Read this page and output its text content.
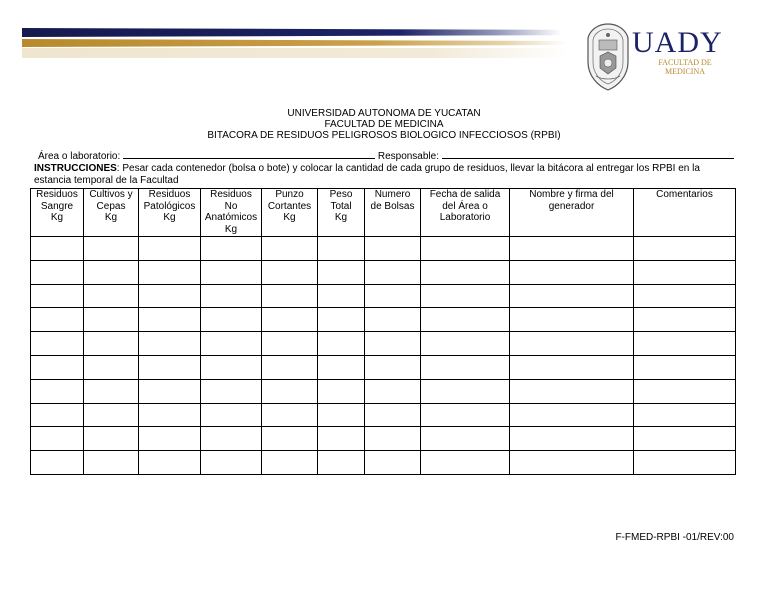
UADY
FACULTAD DE
MEDICINA
UNIVERSIDAD AUTONOMA DE YUCATAN
FACULTAD DE MEDICINA
BITACORA DE RESIDUOS PELIGROSOS BIOLOGICO INFECCIOSOS (RPBI)
Área o laboratorio:	Responsable:
INSTRUCCIONES: Pesar cada contenedor (bolsa o bote) y colocar la cantidad de cada grupo de residuos, llevar la bitácora al entregar los RPBI en la estancia temporal de la Facultad
Residuos
Sangre
Kg	Cultivos y
Cepas
Kg	Residuos
Patológicos
Kg	Residuos
No
Anatómicos
Kg	Punzo
Cortantes
Kg	Peso
Total
Kg	Numero
de Bolsas	Fecha de salida
del Área o
Laboratorio	Nombre y firma del
generador	Comentarios

F-FMED-RPBI -01/REV:00
